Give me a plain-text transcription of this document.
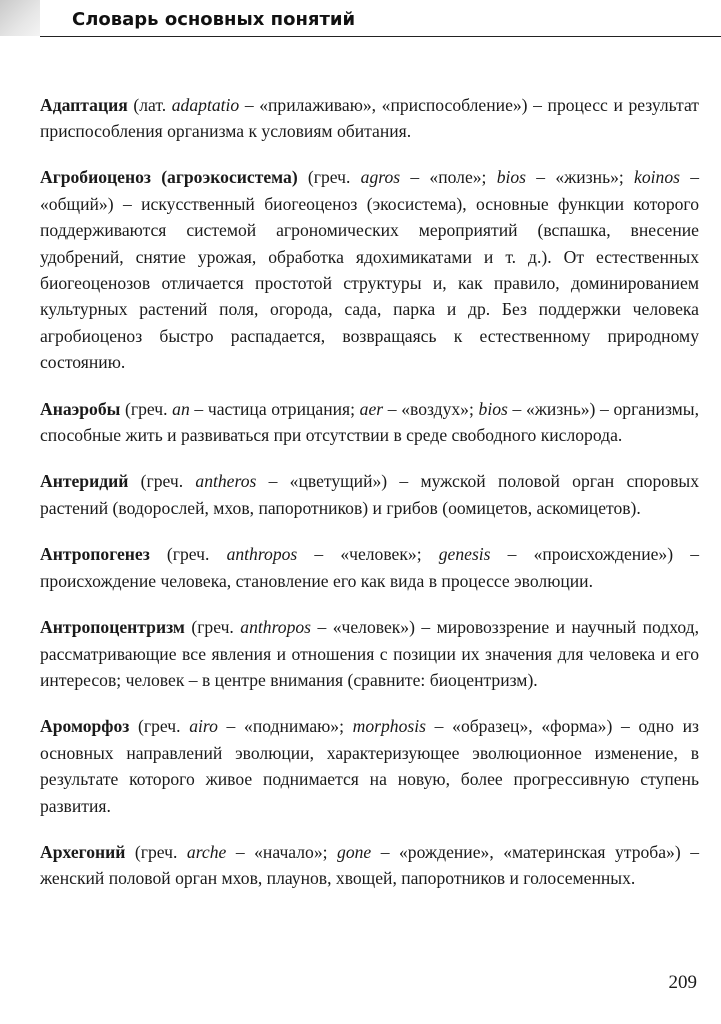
Словарь основных понятий

Адаптация (лат. adaptatio – «прилаживаю», «приспособление») – процесс и результат приспособления организма к условиям обитания.

Агробиоценоз (агроэкосистема) (греч. agros – «поле»; bios – «жизнь»; koinos – «общий») – искусственный биогеоценоз (экосистема), основные функции которого поддерживаются системой агрономических мероприятий (вспашка, внесение удобрений, снятие урожая, обработка ядохимикатами и т. д.). От естественных биогеоценозов отличается простотой структуры и, как правило, доминированием культурных растений поля, огорода, сада, парка и др. Без поддержки человека агробиоценоз быстро распадается, возвращаясь к естественному природному состоянию.

Анаэробы (греч. an – частица отрицания; aer – «воздух»; bios – «жизнь») – организмы, способные жить и развиваться при отсутствии в среде свободного кислорода.

Антеридий (греч. antheros – «цветущий») – мужской половой орган споровых растений (водорослей, мхов, папоротников) и грибов (оомицетов, аскомицетов).

Антропогенез (греч. anthropos – «человек»; genesis – «происхождение») – происхождение человека, становление его как вида в процессе эволюции.

Антропоцентризм (греч. anthropos – «человек») – мировоззрение и научный подход, рассматривающие все явления и отношения с позиции их значения для человека и его интересов; человек – в центре внимания (сравните: биоцентризм).

Ароморфоз (греч. airo – «поднимаю»; morphosis – «образец», «форма») – одно из основных направлений эволюции, характеризующее эволюционное изменение, в результате которого живое поднимается на новую, более прогрессивную ступень развития.

Архегоний (греч. arche – «начало»; gone – «рождение», «материнская утроба») – женский половой орган мхов, плаунов, хвощей, папоротников и голосеменных.

209
